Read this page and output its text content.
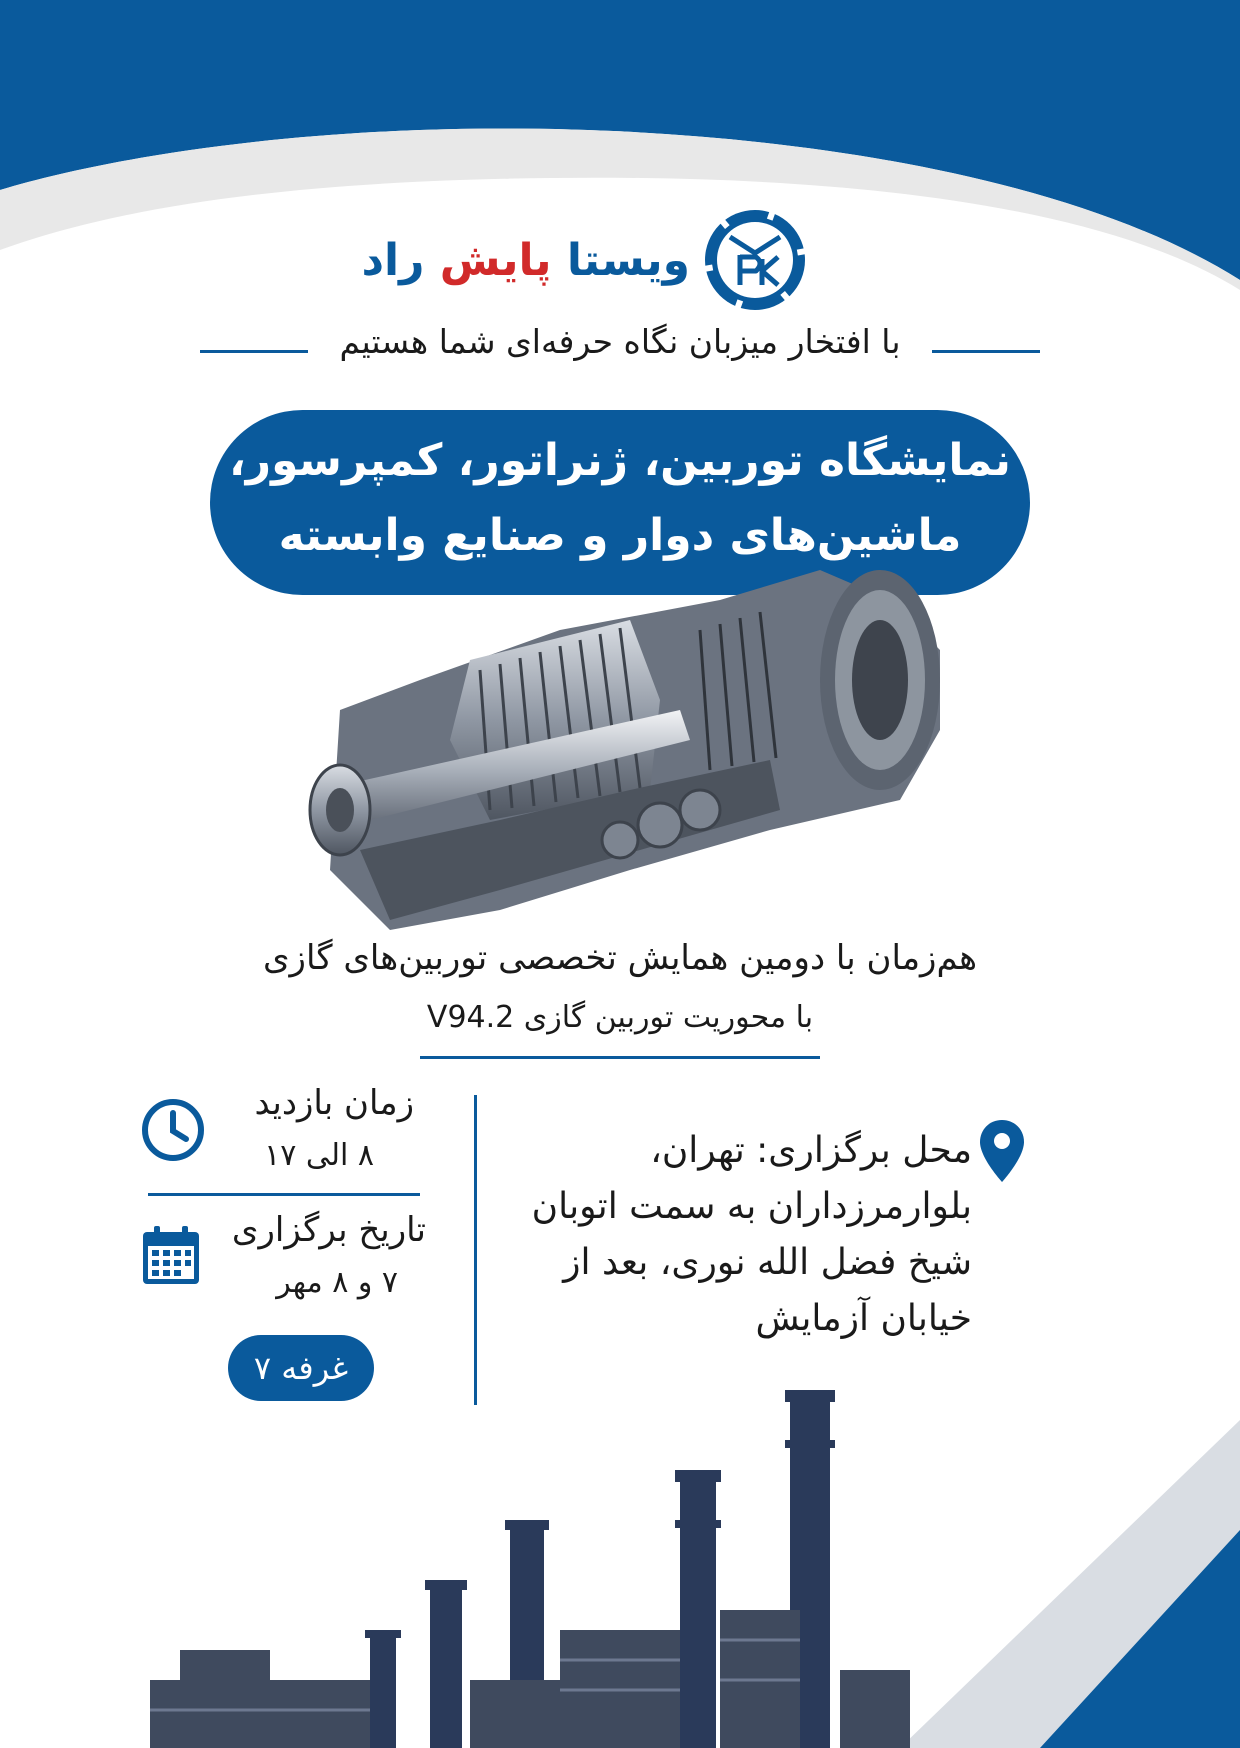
ویستا پایش راد
با افتخار میزبان نگاه حرفه‌ای شما هستیم
نمایشگاه توربین، ژنراتور، کمپرسور،
ماشین‌های دوار و صنایع وابسته
هم‌زمان با دومین همایش تخصصی توربین‌های گازی
با محوریت توربین گازی V94.2
زمان بازدید
۸ الی ۱۷
تاریخ برگزاری
۷ و ۸ مهر
غرفه ۷
محل برگزاری: تهران،
بلوارمرزداران به سمت اتوبان
شیخ فضل الله نوری، بعد از
خیابان آزمایش
